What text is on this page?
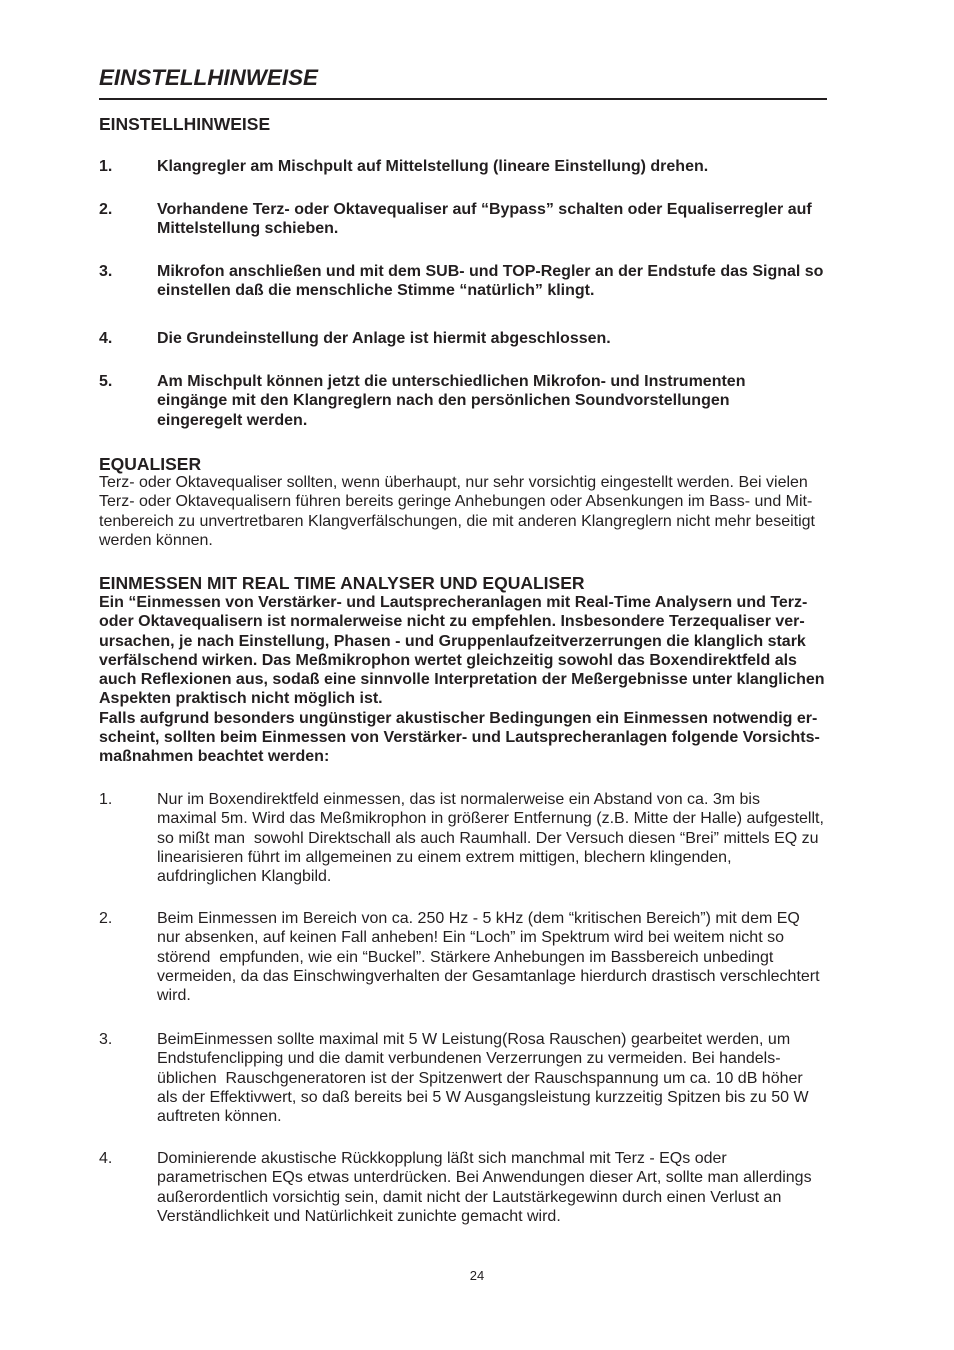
EINSTELLHINWEISE
EINSTELLHINWEISE
1.	Klangregler am Mischpult auf Mittelstellung (lineare Einstellung) drehen.
2.	Vorhandene Terz- oder Oktavequaliser auf “Bypass” schalten oder Equaliserregler auf
Mittelstellung schieben.
3.	Mikrofon anschließen und mit dem SUB- und TOP-Regler an der Endstufe das Signal so
einstellen daß die menschliche Stimme “natürlich” klingt.
4.	Die Grundeinstellung der Anlage ist hiermit abgeschlossen.
5.	Am Mischpult können jetzt die unterschiedlichen Mikrofon- und Instrumenten
eingänge mit den Klangreglern nach den persönlichen Soundvorstellungen
eingeregelt werden.
EQUALISER
Terz- oder Oktavequaliser sollten, wenn überhaupt, nur sehr vorsichtig eingestellt werden. Bei vielen
Terz- oder Oktavequalisern führen bereits geringe Anhebungen oder Absenkungen im Bass- und Mit-
tenbereich zu unvertretbaren Klangverfälschungen, die mit anderen Klangreglern nicht mehr beseitigt
werden können.
EINMESSEN MIT REAL TIME ANALYSER UND EQUALISER
Ein “Einmessen von Verstärker- und Lautsprecheranlagen mit Real-Time Analysern und Terz-
oder Oktavequalisern ist normalerweise nicht zu empfehlen. Insbesondere Terzequaliser ver-
ursachen, je nach Einstellung, Phasen - und Gruppenlaufzeitverzerrungen die klanglich stark
verfälschend wirken. Das Meßmikrophon wertet gleichzeitig sowohl das Boxendirektfeld als
auch Reflexionen aus, sodaß eine sinnvolle Interpretation der Meßergebnisse unter klanglichen
Aspekten praktisch nicht möglich ist.
Falls aufgrund besonders ungünstiger akustischer Bedingungen ein Einmessen notwendig er-
scheint, sollten beim Einmessen von Verstärker- und Lautsprecheranlagen folgende Vorsichts-
maßnahmen beachtet werden:
1.	Nur im Boxendirektfeld einmessen, das ist normalerweise ein Abstand von ca. 3m bis
maximal 5m. Wird das Meßmikrophon in größerer Entfernung (z.B. Mitte der Halle) aufgestellt,
so mißt man  sowohl Direktschall als auch Raumhall. Der Versuch diesen “Brei” mittels EQ zu
linearisieren führt im allgemeinen zu einem extrem mittigen, blechern klingenden,
aufdringlichen Klangbild.
2.	Beim Einmessen im Bereich von ca. 250 Hz - 5 kHz (dem “kritischen Bereich”) mit dem EQ
nur absenken, auf keinen Fall anheben! Ein “Loch” im Spektrum wird bei weitem nicht so
störend  empfunden, wie ein “Buckel”. Stärkere Anhebungen im Bassbereich unbedingt
vermeiden, da das Einschwingverhalten der Gesamtanlage hierdurch drastisch verschlechtert
wird.
3.	BeimEinmessen sollte maximal mit 5 W Leistung(Rosa Rauschen) gearbeitet werden, um
Endstufenclipping und die damit verbundenen Verzerrungen zu vermeiden. Bei handels-
üblichen  Rauschgeneratoren ist der Spitzenwert der Rauschspannung um ca. 10 dB höher
als der Effektivwert, so daß bereits bei 5 W Ausgangsleistung kurzzeitig Spitzen bis zu 50 W
auftreten können.
4.	Dominierende akustische Rückkopplung läßt sich manchmal mit Terz - EQs oder
parametrischen EQs etwas unterdrücken. Bei Anwendungen dieser Art, sollte man allerdings
außerordentlich vorsichtig sein, damit nicht der Lautstärkegewinn durch einen Verlust an
Verständlichkeit und Natürlichkeit zunichte gemacht wird.
24
